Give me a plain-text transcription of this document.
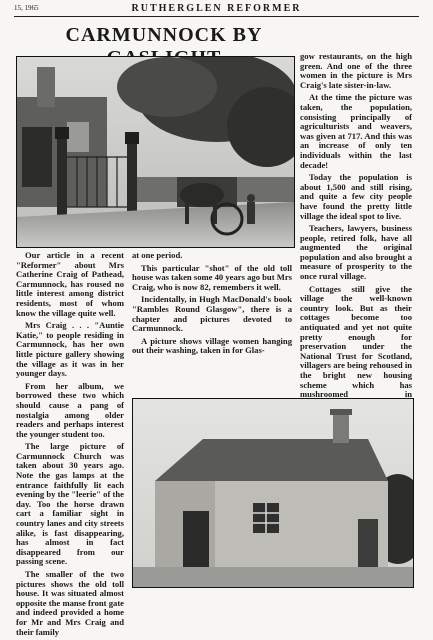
15, 1965	RUTHERGLEN REFORMER
CARMUNNOCK BY

Our article in a recent "Reformer" about Mrs Catherine Craig of Pathead, Carmunnock, has roused no little interest among district residents, most of whom know the village quite well.

Mrs Craig . . . "Auntie Katie," to people residing in Carmunnock, has her own little picture gallery showing the village as it was in her younger days.

From her album, we borrowed these two which should cause a pang of nostalgia among older readers and perhaps interest the younger student too.

The large picture of Carmunnock Church was taken about 30 years ago. Note the gas lamps at the entrance faithfully lit each evening by the "leerie" of the day. Too the horse drawn cart a familiar sight in country lanes and city streets alike, is fast disappearing, has almost in fact disappeared from our passing scene.

The smaller of the two pictures shows the old toll house. It was situated almost opposite the manse front gate and indeed provided a home for Mr and Mrs Craig and their family

at one period.

This particular "shot" of the old toll house was taken some 40 years ago but Mrs Craig, who is now 82, remembers it well.

Incidentally, in Hugh MacDonald's book "Rambles Round Glasgow", there is a chapter and pictures devoted to Carmunnock.

A picture shows village women hanging out their washing, taken in for Glas-

gow restaurants, on the high green. And one of the three women in the picture is Mrs Craig's late sister-in-law.

At the time the picture was taken, the population, consisting principally of agriculturists and weavers, was given at 717. And this was an increase of only ten individuals within the last decade!

Today the population is about 1,500 and still rising, and quite a few city people have found the pretty little village the ideal spot to live.

Teachers, lawyers, business people, retired folk, have all augmented the original population and also brought a measure of prosperity to the once rural village.

Cottages still give the village the well-known country look. But as their cottages become too antiquated and yet not quite pretty enough for preservation under the National Trust for Scotland, villagers are being rehoused in the bright new housing scheme which has mushroomed in
